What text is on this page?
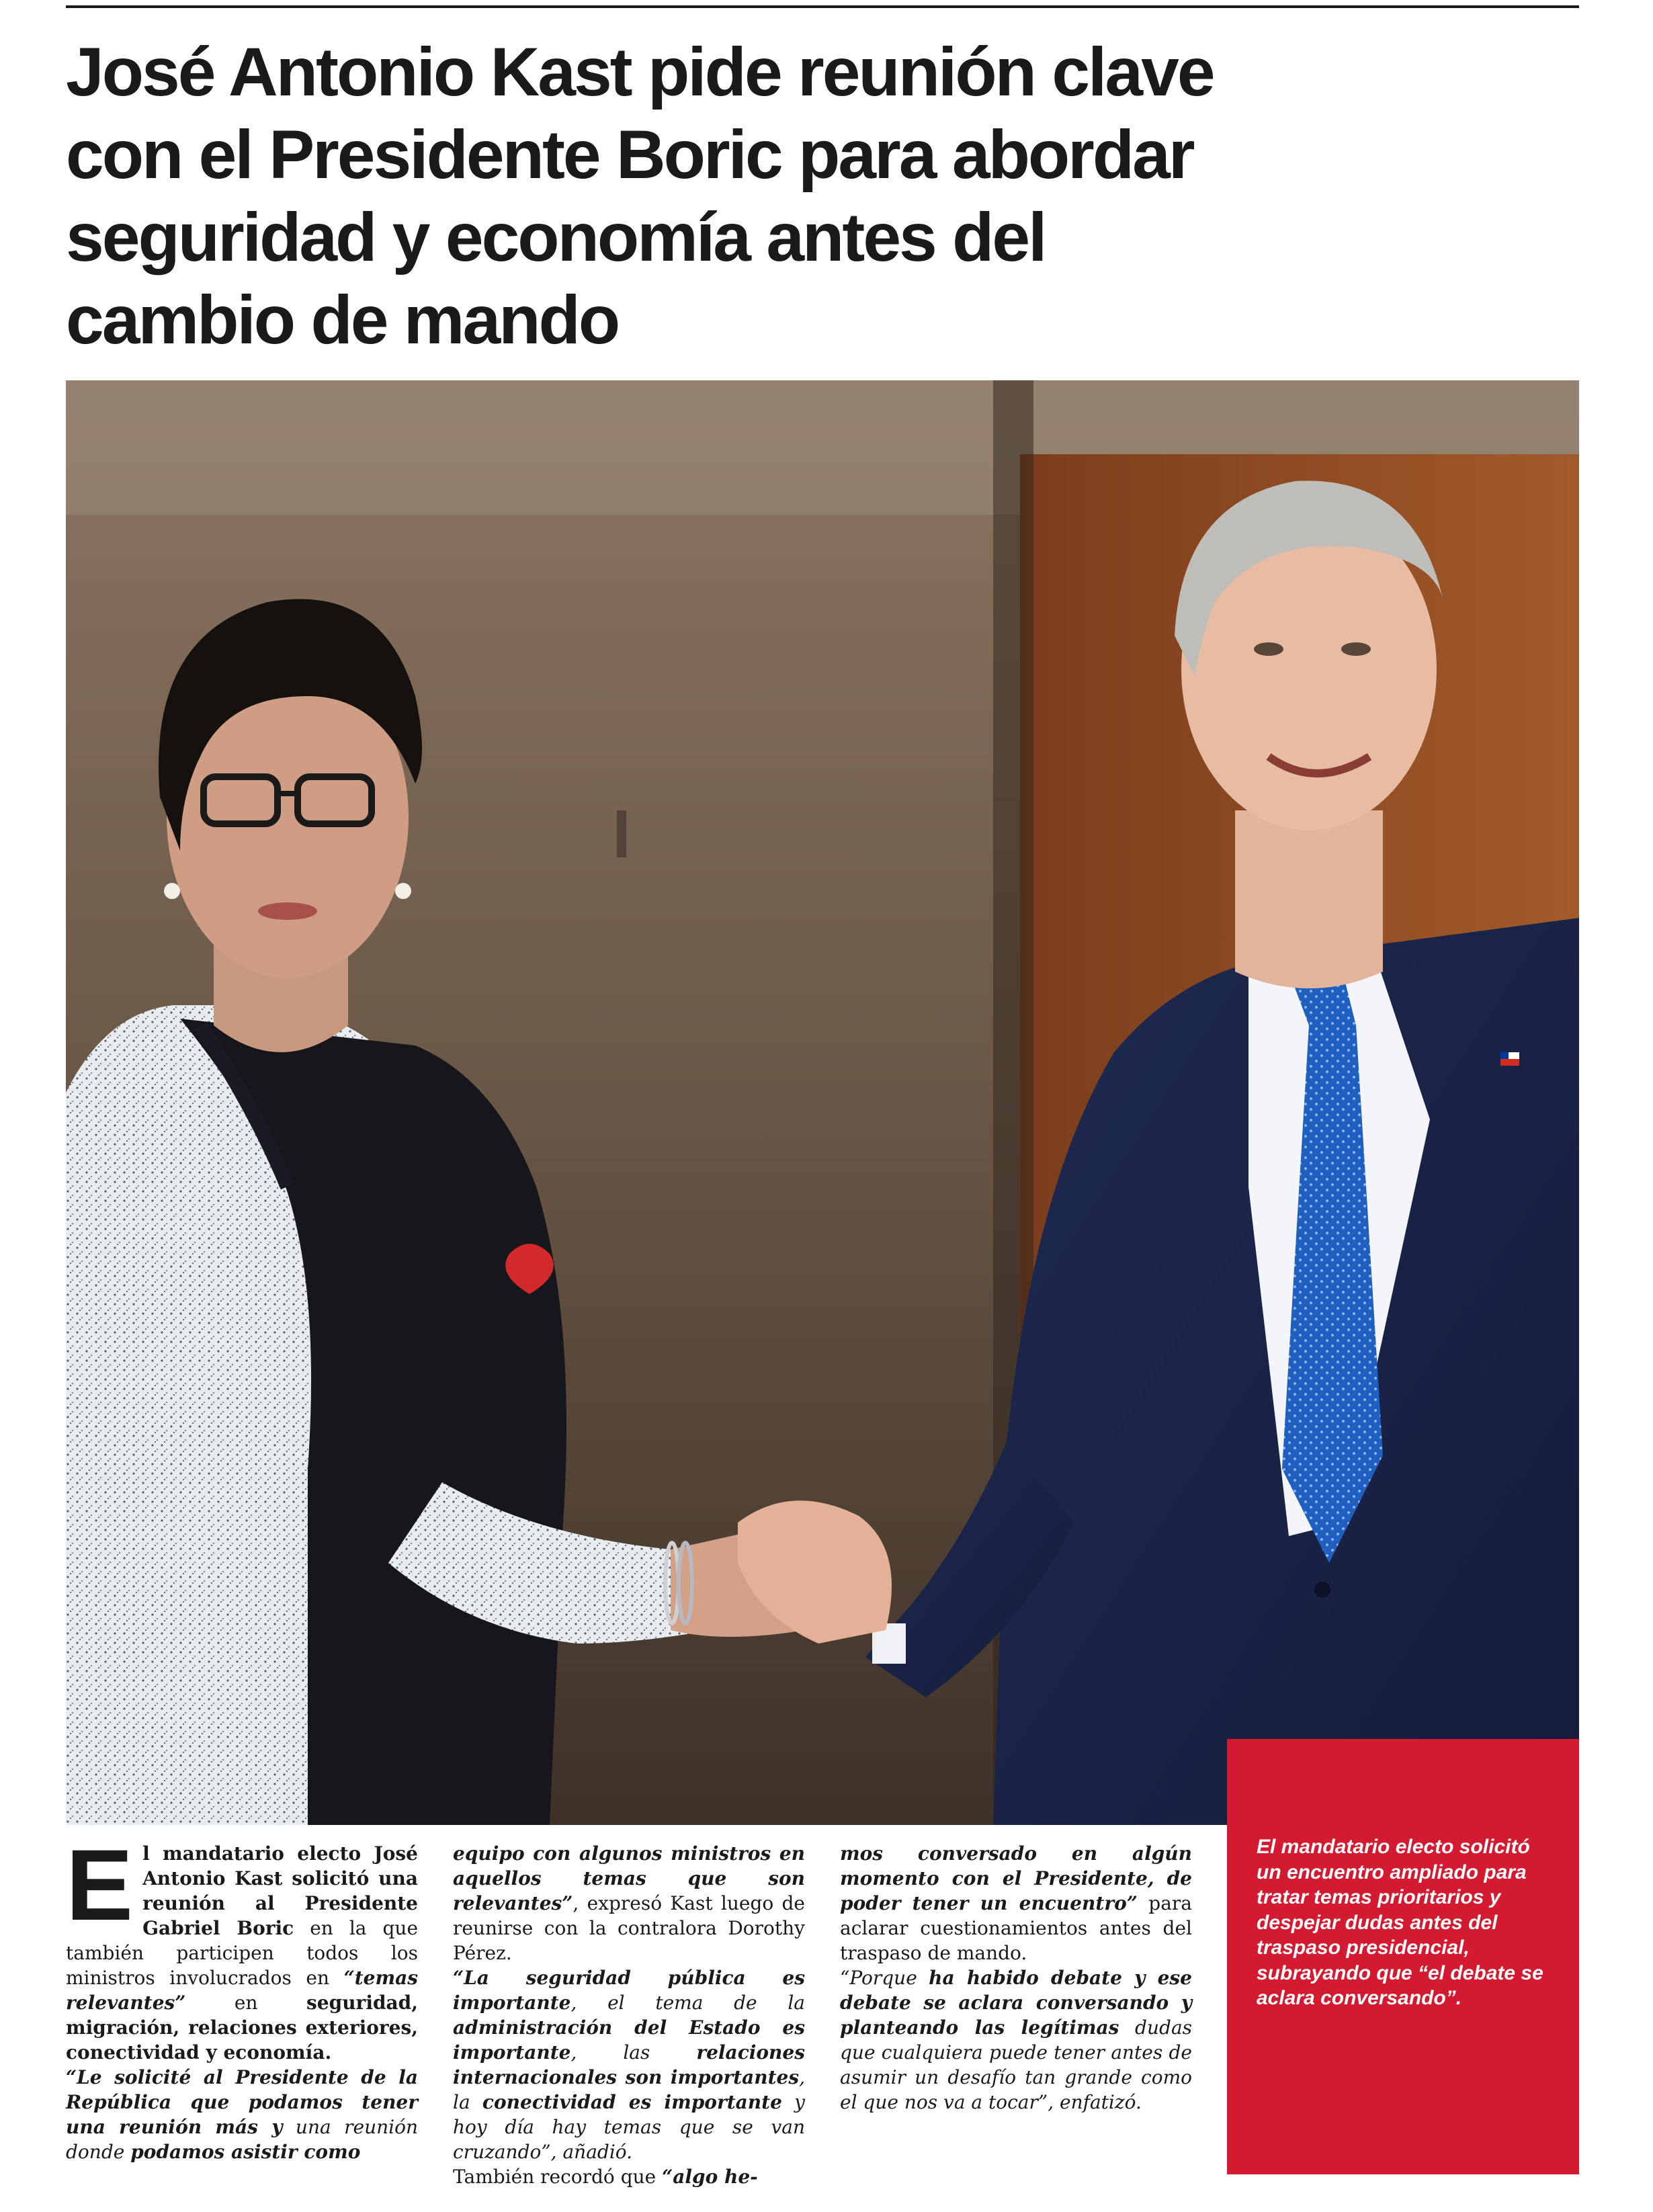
José Antonio Kast pide reunión clave
con el Presidente Boric para abordar
seguridad y economía antes del
cambio de mando

El mandatario electo José Antonio Kast solicitó una reunión al Presidente Gabriel Boric en la que también participen todos los ministros involucrados en “temas relevantes” en seguridad, migración, relaciones exteriores, conectividad y economía.

“Le solicité al Presidente de la República que podamos tener una reunión más y una reunión donde podamos asistir como

equipo con algunos ministros en aquellos temas que son relevantes”, expresó Kast luego de reunirse con la contralora Dorothy Pérez.

“La seguridad pública es importante, el tema de la administración del Estado es importante, las relaciones internacionales son importantes, la conectividad es importante y hoy día hay temas que se van cruzando”, añadió.

También recordó que “algo he-

mos conversado en algún momento con el Presidente, de poder tener un encuentro” para aclarar cuestionamientos antes del traspaso de mando.

“Porque ha habido debate y ese debate se aclara conversando y planteando las legítimas dudas que cualquiera puede tener antes de asumir un desafío tan grande como el que nos va a tocar”, enfatizó.

El mandatario electo solicitó un encuentro ampliado para tratar temas prioritarios y despejar dudas antes del traspaso presidencial, subrayando que “el debate se aclara conversando”.
